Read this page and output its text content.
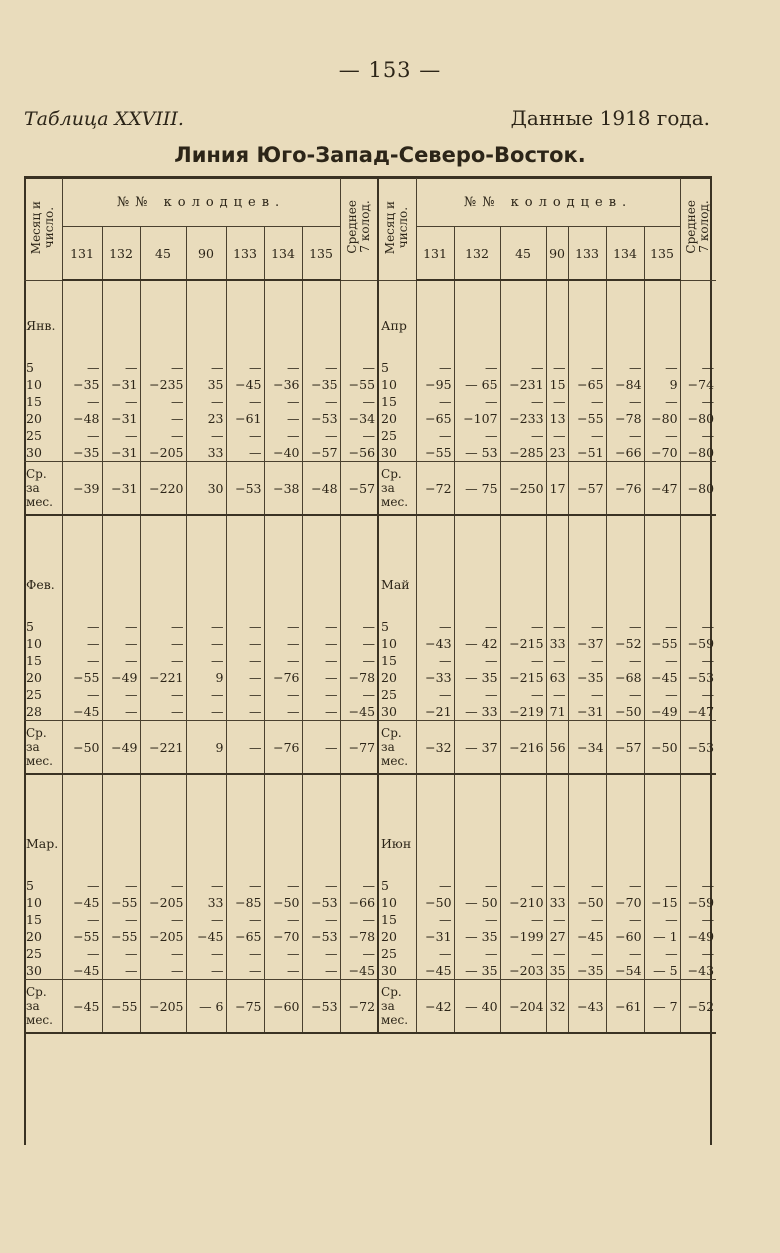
— 153 —
Таблица XXVIII.	Данные 1918 года.
Линия Юго-Запад-Северо-Восток.
Месяц и
число.	№№ колодцев.							Среднее
7 колод.	Месяц и
число.	№№ колодцев.							Среднее
7 колод.
	131	132	45	90	133	134	135			131	132	45	90	133	134	135	
Янв.									Апр								

5	—	—	—	—	—	—	—	—	5	—	—	—	—	—	—	—	—
10	−35	−31	−235	35	−45	−36	−35	−55	10	−95	— 65	−231	15	−65	−84	9	−74
15	—	—	—	—	—	—	—	—	15	—	—	—	—	—	—	—	—
20	−48	−31	—	23	−61	—	−53	−34	20	−65	−107	−233	13	−55	−78	−80	−80
25	—	—	—	—	—	—	—	—	25	—	—	—	—	—	—	—	—
30	−35	−31	−205	33	—	−40	−57	−56	30	−55	— 53	−285	23	−51	−66	−70	−80
Ср.
за
мес.	−39	−31	−220	30	−53	−38	−48	−57	Ср.
за
мес.	−72	— 75	−250	17	−57	−76	−47	−80

Фев.									Май								

5	—	—	—	—	—	—	—	—	5	—	—	—	—	—	—	—	—
10	—	—	—	—	—	—	—	—	10	−43	— 42	−215	33	−37	−52	−55	−59
15	—	—	—	—	—	—	—	—	15	—	—	—	—	—	—	—	—
20	−55	−49	−221	9	—	−76	—	−78	20	−33	— 35	−215	63	−35	−68	−45	−53
25	—	—	—	—	—	—	—	—	25	—	—	—	—	—	—	—	—
28	−45	—	—	—	—	—	—	−45	30	−21	— 33	−219	71	−31	−50	−49	−47
Ср.
за
мес.	−50	−49	−221	9	—	−76	—	−77	Ср.
за
мес.	−32	— 37	−216	56	−34	−57	−50	−53

Мар.									Июн								

5	—	—	—	—	—	—	—	—	5	—	—	—	—	—	—	—	—
10	−45	−55	−205	33	−85	−50	−53	−66	10	−50	— 50	−210	33	−50	−70	−15	−59
15	—	—	—	—	—	—	—	—	15	—	—	—	—	—	—	—	—
20	−55	−55	−205	−45	−65	−70	−53	−78	20	−31	— 35	−199	27	−45	−60	— 1	−49
25	—	—	—	—	—	—	—	—	25	—	—	—	—	—	—	—	—
30	−45	—	—	—	—	—	—	−45	30	−45	— 35	−203	35	−35	−54	— 5	−43
Ср.
за
мес.	−45	−55	−205	— 6	−75	−60	−53	−72	Ср.
за
мес.	−42	— 40	−204	32	−43	−61	— 7	−52
